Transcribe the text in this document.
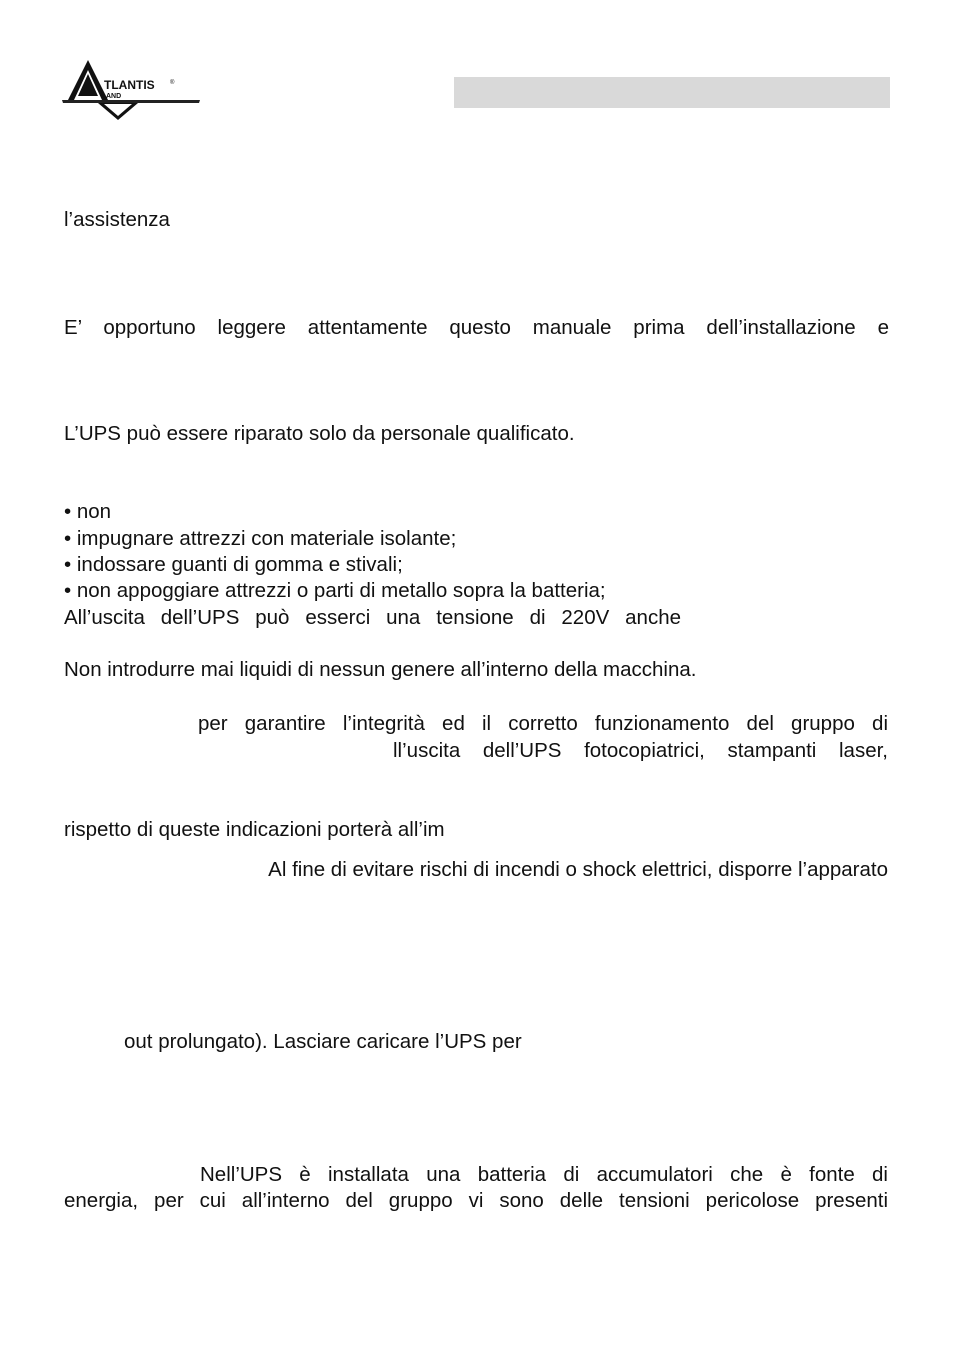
TLANTIS	®
AND
l’assistenza
E’ opportuno leggere attentamente questo manuale prima dell’installazione e
L’UPS può essere riparato solo da personale qualificato.
• non
• impugnare attrezzi con materiale isolante;
• indossare guanti di gomma e stivali;
• non appoggiare attrezzi o parti di metallo sopra la batteria;
All’uscita dell’UPS può esserci una tensione di 220V anche
Non introdurre mai liquidi di nessun genere all’interno della macchina.
per garantire l’integrità ed il corretto funzionamento del gruppo di
ll’uscita dell’UPS fotocopiatrici, stampanti laser,
rispetto di queste indicazioni porterà all’im
Al fine di evitare rischi di incendi o shock elettrici, disporre l’apparato
out prolungato). Lasciare caricare l’UPS per
Nell’UPS è installata una batteria di accumulatori che è fonte di
energia, per cui all’interno del gruppo vi sono delle tensioni pericolose presenti
